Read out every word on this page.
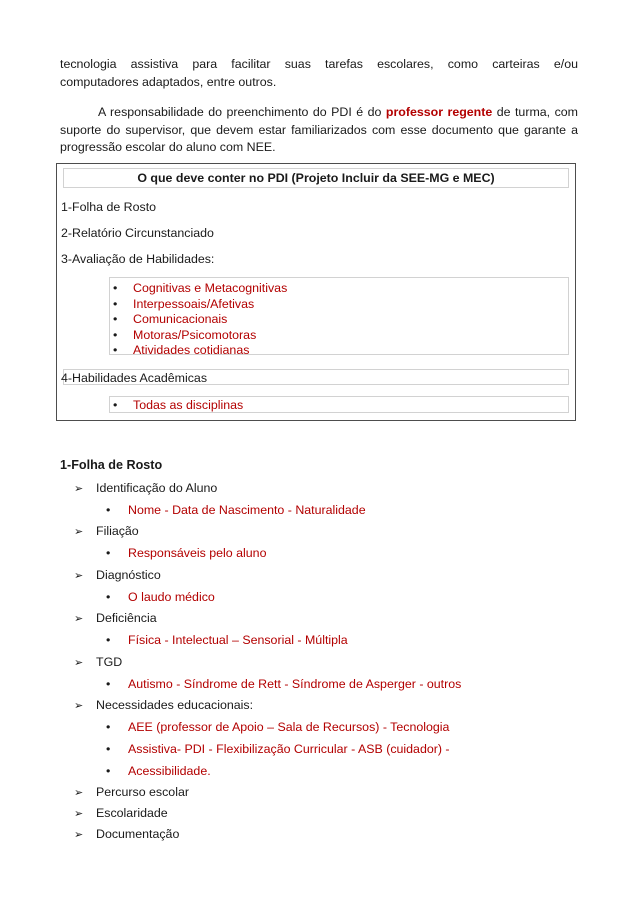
tecnologia assistiva para facilitar suas tarefas escolares, como carteiras e/ou

computadores adaptados, entre outros.

A responsabilidade do preenchimento do PDI é do professor regente de turma, com suporte do supervisor, que devem estar familiarizados com esse documento que garante a progressão escolar do aluno com NEE.

O que deve conter no PDI (Projeto Incluir da SEE-MG e MEC)
1-Folha de Rosto
2-Relatório Circunstanciado
3-Avaliação de Habilidades:
• Cognitivas e Metacognitivas
• Interpessoais/Afetivas
• Comunicacionais
• Motoras/Psicomotoras
• Atividades cotidianas
4-Habilidades Acadêmicas
• Todas as disciplinas
1-Folha de Rosto
➢ Identificação do Aluno
• Nome - Data de Nascimento - Naturalidade
➢ Filiação
• Responsáveis pelo aluno
➢ Diagnóstico
• O laudo médico
➢ Deficiência
• Física - Intelectual – Sensorial - Múltipla
➢ TGD
• Autismo - Síndrome de Rett - Síndrome de Asperger - outros
➢ Necessidades educacionais:
• AEE (professor de Apoio – Sala de Recursos) - Tecnologia
• Assistiva- PDI - Flexibilização Curricular - ASB (cuidador) -
• Acessibilidade.
➢ Percurso escolar
➢ Escolaridade
➢ Documentação
